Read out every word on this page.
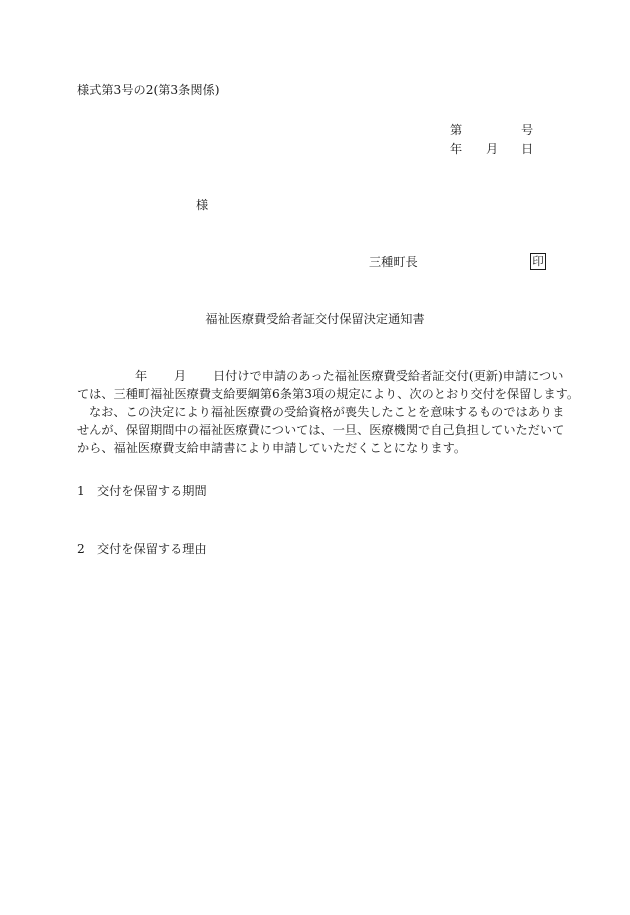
様式第3号の2(第3条関係)
第	号
年 月 日
様
三種町長	印
福祉医療費受給者証交付保留決定通知書
年 月 日付けで申請のあった福祉医療費受給者証交付(更新)申請につい
ては、三種町福祉医療費支給要綱第6条第3項の規定により、次のとおり交付を保留します。
なお、この決定により福祉医療費の受給資格が喪失したことを意味するものではありま
せんが、保留期間中の福祉医療費については、一旦、医療機関で自己負担していただいて
から、福祉医療費支給申請書により申請していただくことになります。
1 交付を保留する期間
2 交付を保留する理由
